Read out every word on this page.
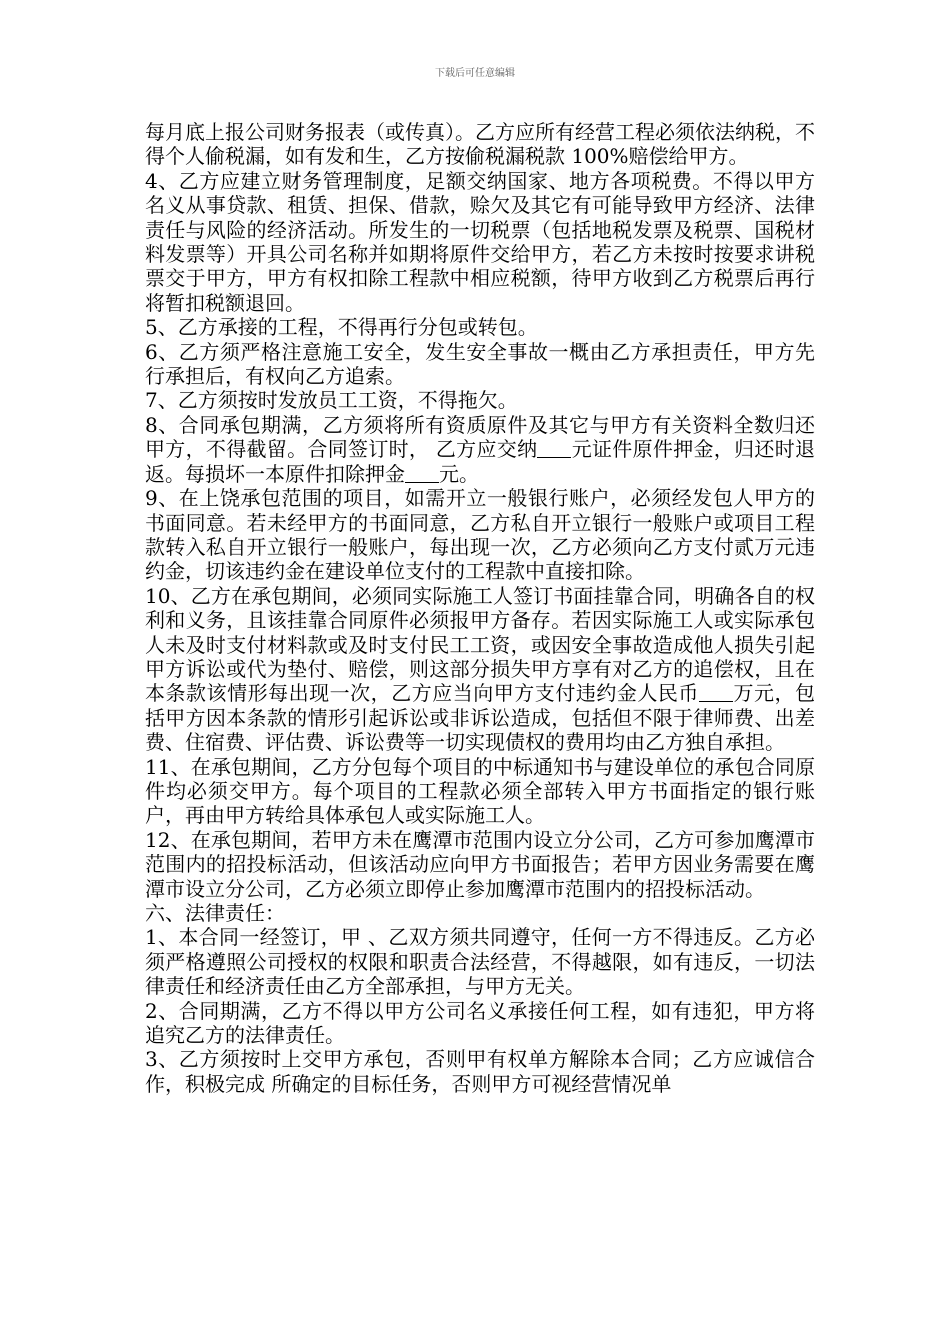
下载后可任意编辑

每月底上报公司财务报表（或传真）。乙方应所有经营工程必须依法纳税，不得个人偷税漏，如有发和生，乙方按偷税漏税款 100%赔偿给甲方。

4、乙方应建立财务管理制度，足额交纳国家、地方各项税费。不得以甲方名义从事贷款、租赁、担保、借款，赊欠及其它有可能导致甲方经济、法律责任与风险的经济活动。所发生的一切税票（包括地税发票及税票、国税材料发票等）开具公司名称并如期将原件交给甲方，若乙方未按时按要求讲税票交于甲方，甲方有权扣除工程款中相应税额，待甲方收到乙方税票后再行将暂扣税额退回。

5、乙方承接的工程，不得再行分包或转包。

6、乙方须严格注意施工安全，发生安全事故一概由乙方承担责任，甲方先行承担后，有权向乙方追索。

7、乙方须按时发放员工工资，不得拖欠。

8、合同承包期满，乙方须将所有资质原件及其它与甲方有关资料全数归还甲方，不得截留。合同签订时， 乙方应交纳 元证件原件押金，归还时退返。每损坏一本原件扣除押金 元。

9、在上饶承包范围的项目，如需开立一般银行账户，必须经发包人甲方的书面同意。若未经甲方的书面同意，乙方私自开立银行一般账户或项目工程款转入私自开立银行一般账户，每出现一次，乙方必须向乙方支付贰万元违约金，切该违约金在建设单位支付的工程款中直接扣除。

10、乙方在承包期间，必须同实际施工人签订书面挂靠合同，明确各自的权利和义务，且该挂靠合同原件必须报甲方备存。若因实际施工人或实际承包人未及时支付材料款或及时支付民工工资，或因安全事故造成他人损失引起甲方诉讼或代为垫付、赔偿，则这部分损失甲方享有对乙方的追偿权，且在本条款该情形每出现一次，乙方应当向甲方支付违约金人民币 万元，包括甲方因本条款的情形引起诉讼或非诉讼造成，包括但不限于律师费、出差费、住宿费、评估费、诉讼费等一切实现债权的费用均由乙方独自承担。

11、在承包期间，乙方分包每个项目的中标通知书与建设单位的承包合同原件均必须交甲方。每个项目的工程款必须全部转入甲方书面指定的银行账户，再由甲方转给具体承包人或实际施工人。

12、在承包期间，若甲方未在鹰潭市范围内设立分公司，乙方可参加鹰潭市范围内的招投标活动，但该活动应向甲方书面报告；若甲方因业务需要在鹰潭市设立分公司，乙方必须立即停止参加鹰潭市范围内的招投标活动。

六、法律责任：

1、本合同一经签订，甲 、乙双方须共同遵守，任何一方不得违反。乙方必须严格遵照公司授权的权限和职责合法经营，不得越限，如有违反，一切法律责任和经济责任由乙方全部承担，与甲方无关。

2、合同期满，乙方不得以甲方公司名义承接任何工程，如有违犯，甲方将追究乙方的法律责任。

3、乙方须按时上交甲方承包，否则甲有权单方解除本合同；乙方应诚信合作，积极完成 所确定的目标任务，否则甲方可视经营情况单
